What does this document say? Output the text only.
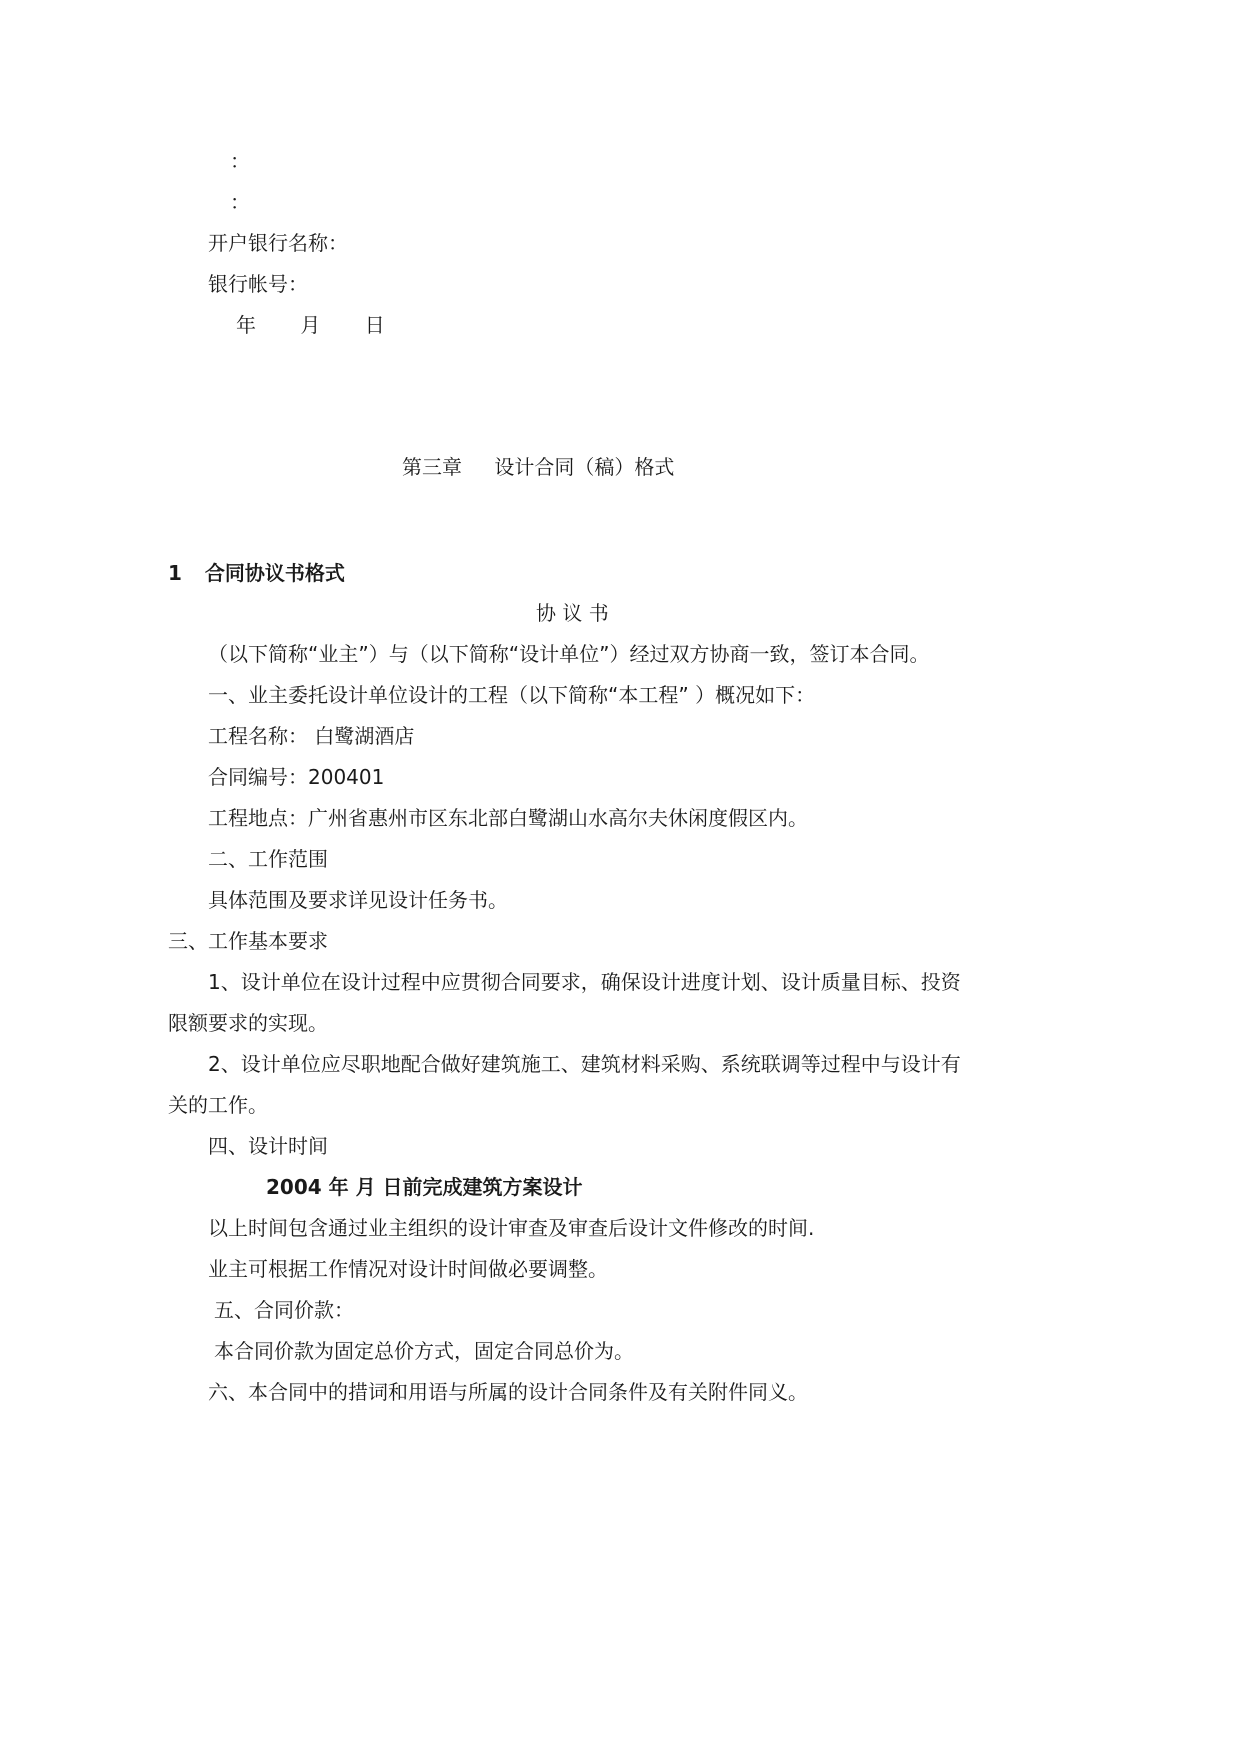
：
：
开户银行名称：
银行帐号：
年 月 日
第三章 设计合同（稿）格式
1 合同协议书格式
协 议 书
（以下简称“业主”）与（以下简称“设计单位”）经过双方协商一致，签订本合同。
一、业主委托设计单位设计的工程（以下简称“本工程” ）概况如下：
工程名称： 白鹭湖酒店
合同编号：200401
工程地点：广州省惠州市区东北部白鹭湖山水高尔夫休闲度假区内。
二、工作范围
具体范围及要求详见设计任务书。
三、工作基本要求
1、设计单位在设计过程中应贯彻合同要求，确保设计进度计划、设计质量目标、投资
限额要求的实现。
2、设计单位应尽职地配合做好建筑施工、建筑材料采购、系统联调等过程中与设计有
关的工作。
四、设计时间
2004 年 月 日前完成建筑方案设计
以上时间包含通过业主组织的设计审查及审查后设计文件修改的时间.
业主可根据工作情况对设计时间做必要调整。
五、合同价款：
本合同价款为固定总价方式，固定合同总价为。
六、本合同中的措词和用语与所属的设计合同条件及有关附件同义。
